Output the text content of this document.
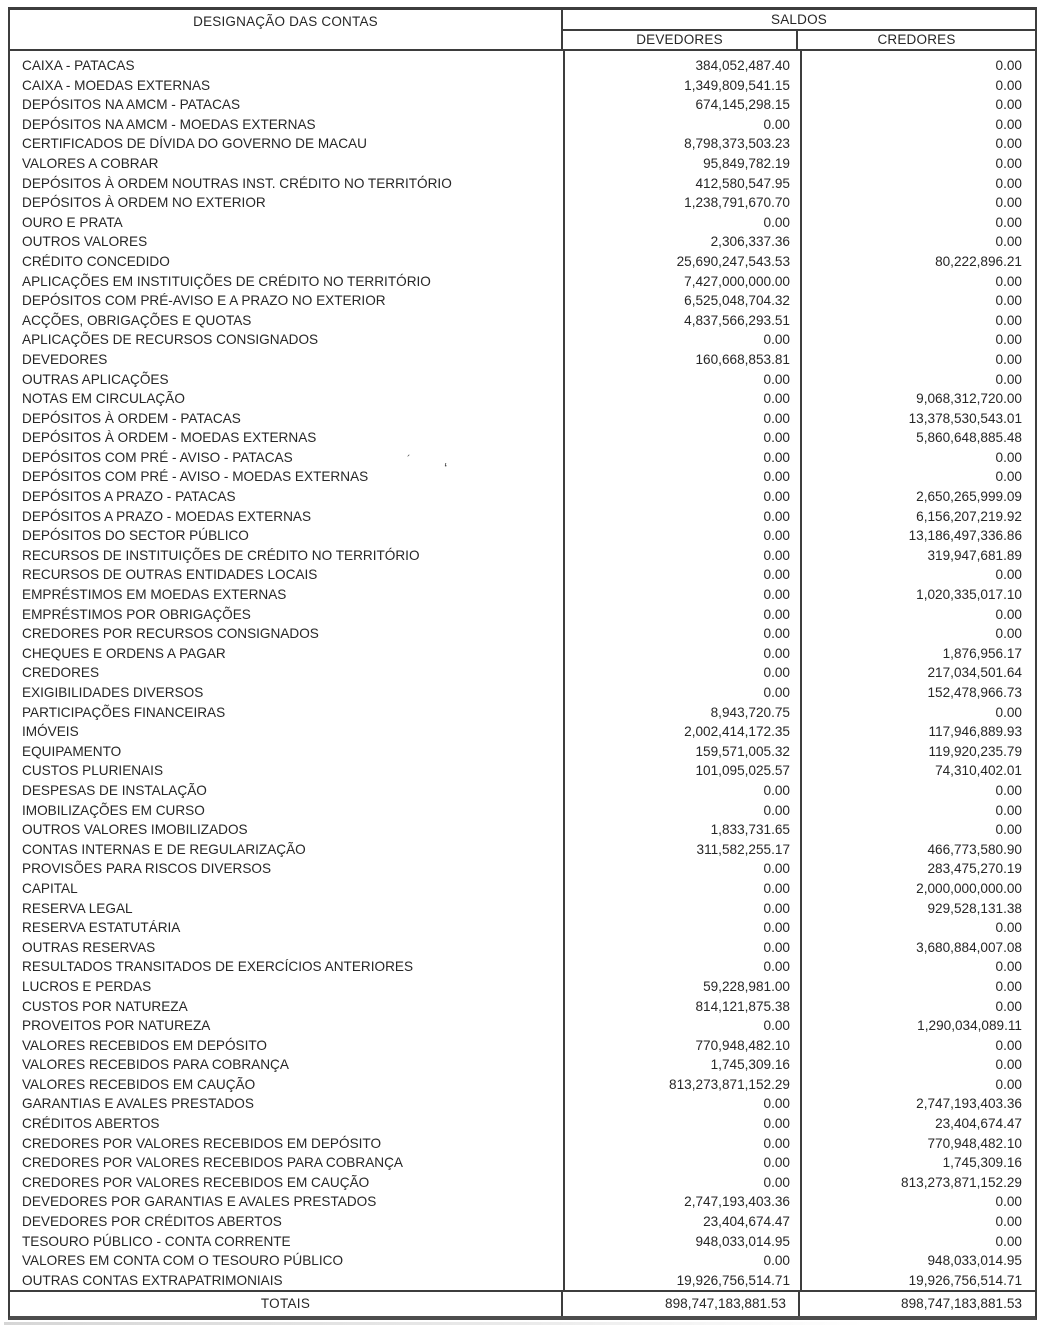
DESIGNAÇÃO DAS CONTAS	SALDOS
DEVEDORES	CREDORES
CAIXA - PATACAS	384,052,487.40	0.00
CAIXA - MOEDAS EXTERNAS	1,349,809,541.15	0.00
DEPÓSITOS NA AMCM - PATACAS	674,145,298.15	0.00
DEPÓSITOS NA AMCM - MOEDAS EXTERNAS	0.00	0.00
CERTIFICADOS DE DÍVIDA DO GOVERNO DE MACAU	8,798,373,503.23	0.00
VALORES A COBRAR	95,849,782.19	0.00
DEPÓSITOS À ORDEM NOUTRAS INST. CRÉDITO NO TERRITÓRIO	412,580,547.95	0.00
DEPÓSITOS À ORDEM NO EXTERIOR	1,238,791,670.70	0.00
OURO E PRATA	0.00	0.00
OUTROS VALORES	2,306,337.36	0.00
CRÉDITO CONCEDIDO	25,690,247,543.53	80,222,896.21
APLICAÇÕES EM INSTITUIÇÕES DE CRÉDITO NO TERRITÓRIO	7,427,000,000.00	0.00
DEPÓSITOS COM PRÉ-AVISO E A PRAZO NO EXTERIOR	6,525,048,704.32	0.00
ACÇÕES, OBRIGAÇÕES E QUOTAS	4,837,566,293.51	0.00
APLICAÇÕES DE RECURSOS CONSIGNADOS	0.00	0.00
DEVEDORES	160,668,853.81	0.00
OUTRAS APLICAÇÕES	0.00	0.00
NOTAS EM CIRCULAÇÃO	0.00	9,068,312,720.00
DEPÓSITOS À ORDEM - PATACAS	0.00	13,378,530,543.01
DEPÓSITOS À ORDEM - MOEDAS EXTERNAS	0.00	5,860,648,885.48
DEPÓSITOS COM PRÉ - AVISO - PATACAS	0.00	0.00
DEPÓSITOS COM PRÉ - AVISO - MOEDAS EXTERNAS	0.00	0.00
DEPÓSITOS A PRAZO - PATACAS	0.00	2,650,265,999.09
DEPÓSITOS A PRAZO - MOEDAS EXTERNAS	0.00	6,156,207,219.92
DEPÓSITOS DO SECTOR PÚBLICO	0.00	13,186,497,336.86
RECURSOS DE INSTITUIÇÕES DE CRÉDITO NO TERRITÓRIO	0.00	319,947,681.89
RECURSOS DE OUTRAS ENTIDADES LOCAIS	0.00	0.00
EMPRÉSTIMOS EM MOEDAS EXTERNAS	0.00	1,020,335,017.10
EMPRÉSTIMOS POR OBRIGAÇÕES	0.00	0.00
CREDORES POR RECURSOS CONSIGNADOS	0.00	0.00
CHEQUES E ORDENS A PAGAR	0.00	1,876,956.17
CREDORES	0.00	217,034,501.64
EXIGIBILIDADES DIVERSOS	0.00	152,478,966.73
PARTICIPAÇÕES FINANCEIRAS	8,943,720.75	0.00
IMÓVEIS	2,002,414,172.35	117,946,889.93
EQUIPAMENTO	159,571,005.32	119,920,235.79
CUSTOS PLURIENAIS	101,095,025.57	74,310,402.01
DESPESAS DE INSTALAÇÃO	0.00	0.00
IMOBILIZAÇÕES EM CURSO	0.00	0.00
OUTROS VALORES IMOBILIZADOS	1,833,731.65	0.00
CONTAS INTERNAS E DE REGULARIZAÇÃO	311,582,255.17	466,773,580.90
PROVISÕES PARA RISCOS DIVERSOS	0.00	283,475,270.19
CAPITAL	0.00	2,000,000,000.00
RESERVA LEGAL	0.00	929,528,131.38
RESERVA ESTATUTÁRIA	0.00	0.00
OUTRAS RESERVAS	0.00	3,680,884,007.08
RESULTADOS TRANSITADOS DE EXERCÍCIOS ANTERIORES	0.00	0.00
LUCROS E PERDAS	59,228,981.00	0.00
CUSTOS POR NATUREZA	814,121,875.38	0.00
PROVEITOS POR NATUREZA	0.00	1,290,034,089.11
VALORES RECEBIDOS EM DEPÓSITO	770,948,482.10	0.00
VALORES RECEBIDOS PARA COBRANÇA	1,745,309.16	0.00
VALORES RECEBIDOS EM CAUÇÃO	813,273,871,152.29	0.00
GARANTIAS E AVALES PRESTADOS	0.00	2,747,193,403.36
CRÉDITOS ABERTOS	0.00	23,404,674.47
CREDORES POR VALORES RECEBIDOS EM DEPÓSITO	0.00	770,948,482.10
CREDORES POR VALORES RECEBIDOS PARA COBRANÇA	0.00	1,745,309.16
CREDORES POR VALORES RECEBIDOS EM CAUÇÃO	0.00	813,273,871,152.29
DEVEDORES POR GARANTIAS E AVALES PRESTADOS	2,747,193,403.36	0.00
DEVEDORES POR CRÉDITOS ABERTOS	23,404,674.47	0.00
TESOURO PÚBLICO - CONTA CORRENTE	948,033,014.95	0.00
VALORES EM CONTA COM O TESOURO PÚBLICO	0.00	948,033,014.95
OUTRAS CONTAS EXTRAPATRIMONIAIS	19,926,756,514.71	19,926,756,514.71
TOTAIS	898,747,183,881.53	898,747,183,881.53
´ ‘
